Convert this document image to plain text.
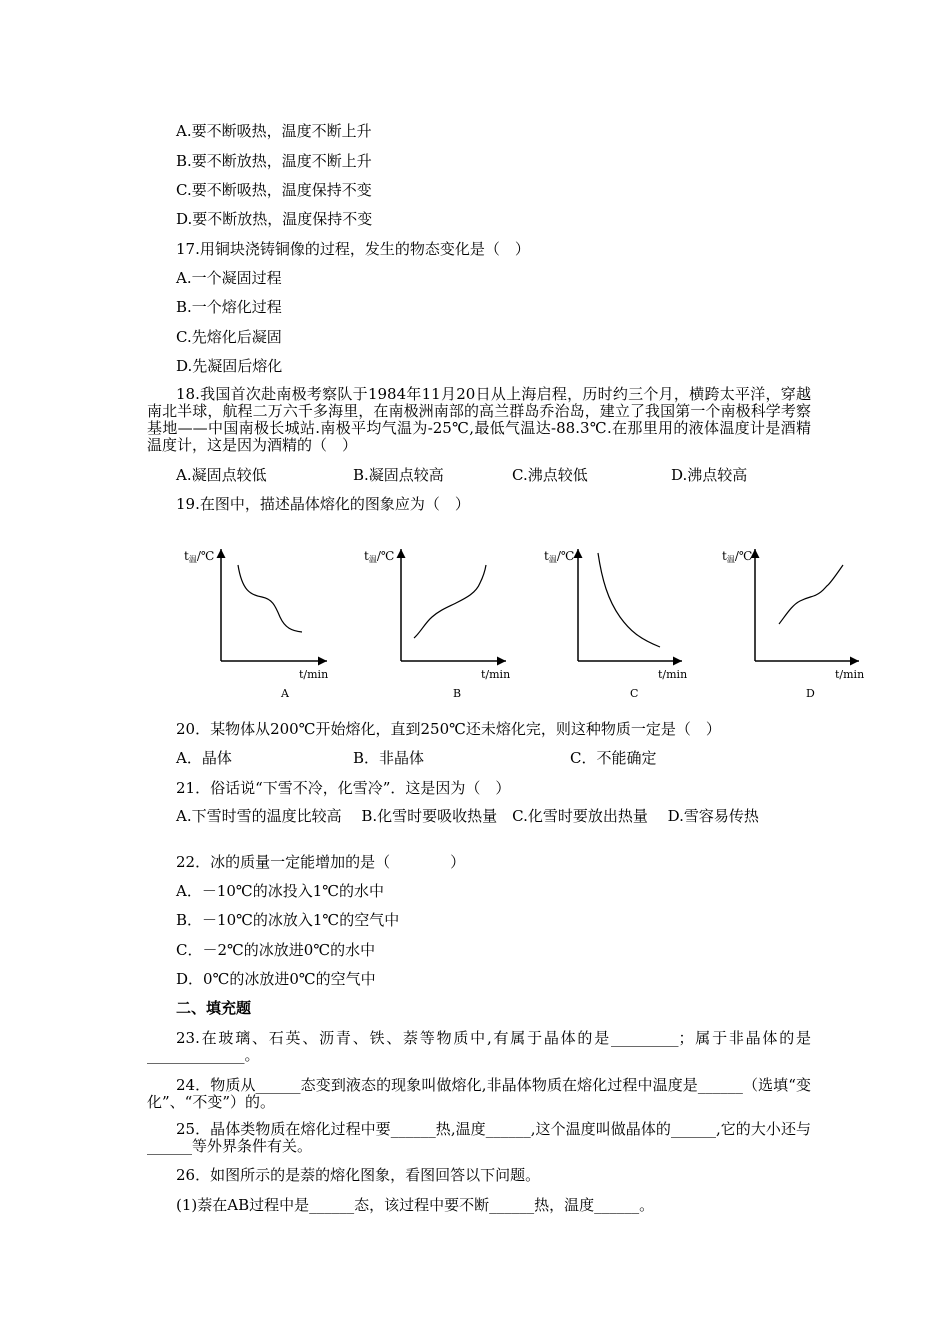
A.要不断吸热，温度不断上升
B.要不断放热，温度不断上升
C.要不断吸热，温度保持不变
D.要不断放热，温度保持不变
17.用铜块浇铸铜像的过程，发生的物态变化是（　）
A.一个凝固过程
B.一个熔化过程
C.先熔化后凝固
D.先凝固后熔化
18.我国首次赴南极考察队于1984年11月20日从上海启程，历时约三个月，横跨太平洋，穿越南北半球，航程二万六千多海里，在南极洲南部的高兰群岛乔治岛，建立了我国第一个南极科学考察基地——中国南极长城站.南极平均气温为-25℃,最低气温达-88.3℃.在那里用的液体温度计是酒精温度计，这是因为酒精的（　）
A.凝固点较低	B.凝固点较高	C.沸点较低	D.沸点较高
19.在图中，描述晶体熔化的图象应为（　）
t温/℃
t/min
A
t温/℃
t/min
B
t温/℃
t/min
C
t温/℃
t/min
D
20．某物体从200℃开始熔化，直到250℃还未熔化完，则这种物质一定是（　）
A．晶体	B．非晶体	C．不能确定
21．俗话说“下雪不冷，化雪冷”．这是因为（　）
A.下雪时雪的温度比较高　 B.化雪时要吸收热量　C.化雪时要放出热量　 D.雪容易传热
22．冰的质量一定能增加的是（　　　　）
A．－10℃的冰投入1℃的水中
B．－10℃的冰放入1℃的空气中
C．－2℃的冰放进0℃的水中
D．0℃的冰放进0℃的空气中
二、填充题
23.在玻璃、石英、沥青、铁、萘等物质中,有属于晶体的是_________；属于非晶体的是_____________。
24．物质从______态变到液态的现象叫做熔化,非晶体物质在熔化过程中温度是______（选填“变化”、“不变”）的。
25．晶体类物质在熔化过程中要______热,温度______,这个温度叫做晶体的______,它的大小还与______等外界条件有关。
26．如图所示的是萘的熔化图象，看图回答以下问题。
(1)萘在AB过程中是______态，该过程中要不断______热，温度______。
